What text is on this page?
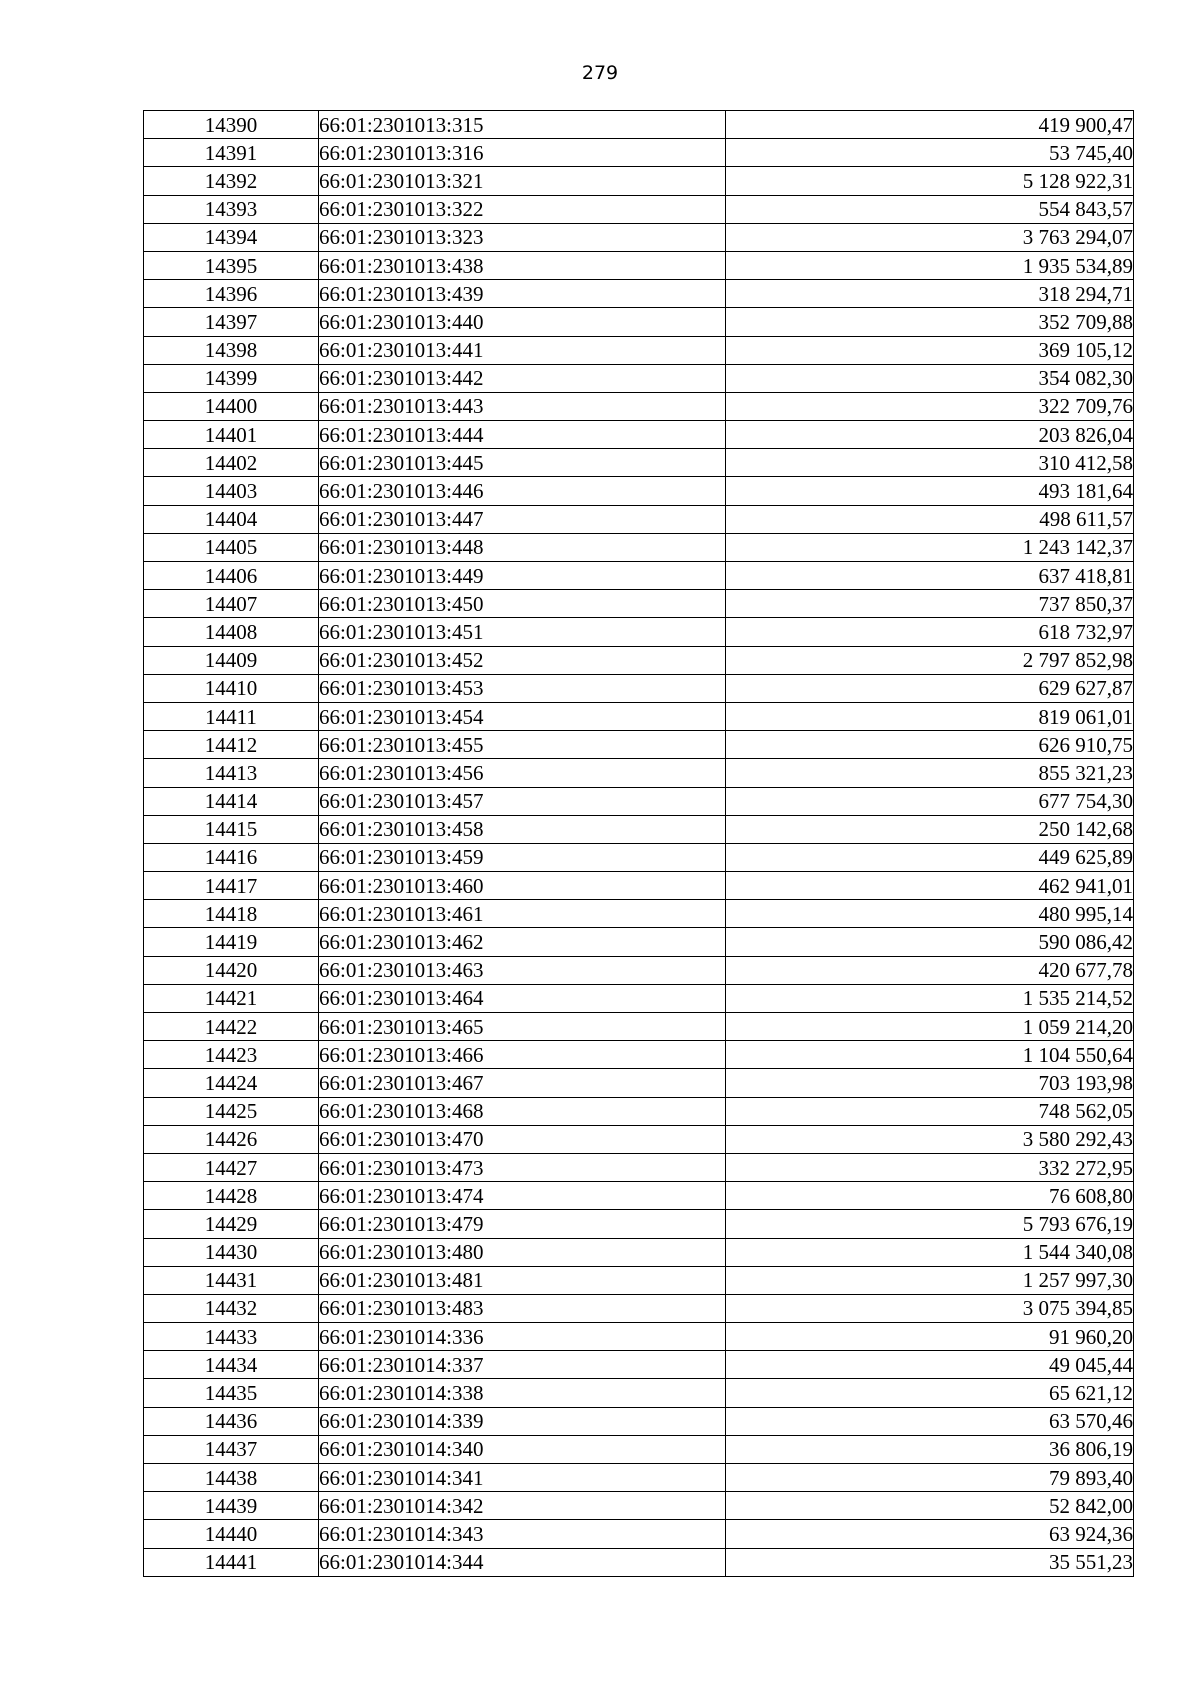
279
14390	66:01:2301013:315	419 900,47
14391	66:01:2301013:316	53 745,40
14392	66:01:2301013:321	5 128 922,31
14393	66:01:2301013:322	554 843,57
14394	66:01:2301013:323	3 763 294,07
14395	66:01:2301013:438	1 935 534,89
14396	66:01:2301013:439	318 294,71
14397	66:01:2301013:440	352 709,88
14398	66:01:2301013:441	369 105,12
14399	66:01:2301013:442	354 082,30
14400	66:01:2301013:443	322 709,76
14401	66:01:2301013:444	203 826,04
14402	66:01:2301013:445	310 412,58
14403	66:01:2301013:446	493 181,64
14404	66:01:2301013:447	498 611,57
14405	66:01:2301013:448	1 243 142,37
14406	66:01:2301013:449	637 418,81
14407	66:01:2301013:450	737 850,37
14408	66:01:2301013:451	618 732,97
14409	66:01:2301013:452	2 797 852,98
14410	66:01:2301013:453	629 627,87
14411	66:01:2301013:454	819 061,01
14412	66:01:2301013:455	626 910,75
14413	66:01:2301013:456	855 321,23
14414	66:01:2301013:457	677 754,30
14415	66:01:2301013:458	250 142,68
14416	66:01:2301013:459	449 625,89
14417	66:01:2301013:460	462 941,01
14418	66:01:2301013:461	480 995,14
14419	66:01:2301013:462	590 086,42
14420	66:01:2301013:463	420 677,78
14421	66:01:2301013:464	1 535 214,52
14422	66:01:2301013:465	1 059 214,20
14423	66:01:2301013:466	1 104 550,64
14424	66:01:2301013:467	703 193,98
14425	66:01:2301013:468	748 562,05
14426	66:01:2301013:470	3 580 292,43
14427	66:01:2301013:473	332 272,95
14428	66:01:2301013:474	76 608,80
14429	66:01:2301013:479	5 793 676,19
14430	66:01:2301013:480	1 544 340,08
14431	66:01:2301013:481	1 257 997,30
14432	66:01:2301013:483	3 075 394,85
14433	66:01:2301014:336	91 960,20
14434	66:01:2301014:337	49 045,44
14435	66:01:2301014:338	65 621,12
14436	66:01:2301014:339	63 570,46
14437	66:01:2301014:340	36 806,19
14438	66:01:2301014:341	79 893,40
14439	66:01:2301014:342	52 842,00
14440	66:01:2301014:343	63 924,36
14441	66:01:2301014:344	35 551,23
